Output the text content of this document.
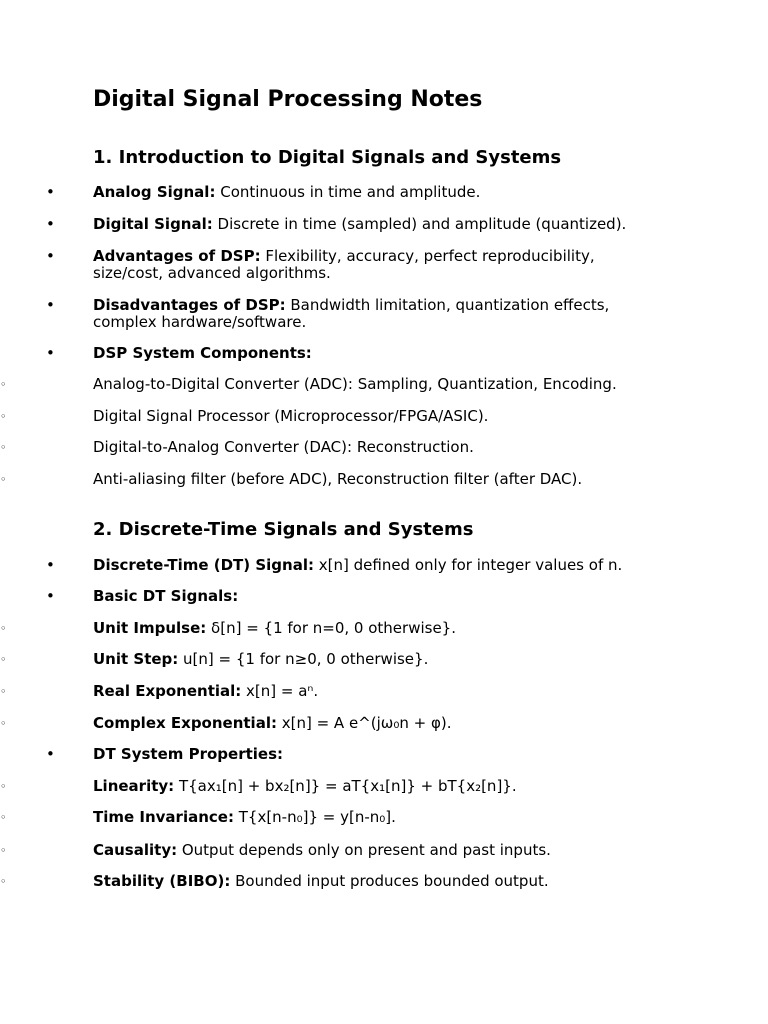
Digital Signal Processing Notes
1. Introduction to Digital Signals and Systems
•	Analog Signal: Continuous in time and amplitude.
•	Digital Signal: Discrete in time (sampled) and amplitude (quantized).
•	Advantages of DSP: Flexibility, accuracy, perfect reproducibility, size/cost, advanced algorithms.
•	Disadvantages of DSP: Bandwidth limitation, quantization effects, complex hardware/software.
•	DSP System Components:
◦	Analog-to-Digital Converter (ADC): Sampling, Quantization, Encoding.
◦	Digital Signal Processor (Microprocessor/FPGA/ASIC).
◦	Digital-to-Analog Converter (DAC): Reconstruction.
◦	Anti-aliasing filter (before ADC), Reconstruction filter (after DAC).
2. Discrete-Time Signals and Systems
•	Discrete-Time (DT) Signal: x[n] defined only for integer values of n.
•	Basic DT Signals:
◦	Unit Impulse: δ[n] = {1 for n=0, 0 otherwise}.
◦	Unit Step: u[n] = {1 for n≥0, 0 otherwise}.
◦	Real Exponential: x[n] = aⁿ.
◦	Complex Exponential: x[n] = A e^(jω₀n + φ).
•	DT System Properties:
◦	Linearity: T{ax₁[n] + bx₂[n]} = aT{x₁[n]} + bT{x₂[n]}.
◦	Time Invariance: T{x[n-n₀]} = y[n-n₀].
◦	Causality: Output depends only on present and past inputs.
◦	Stability (BIBO): Bounded input produces bounded output.
